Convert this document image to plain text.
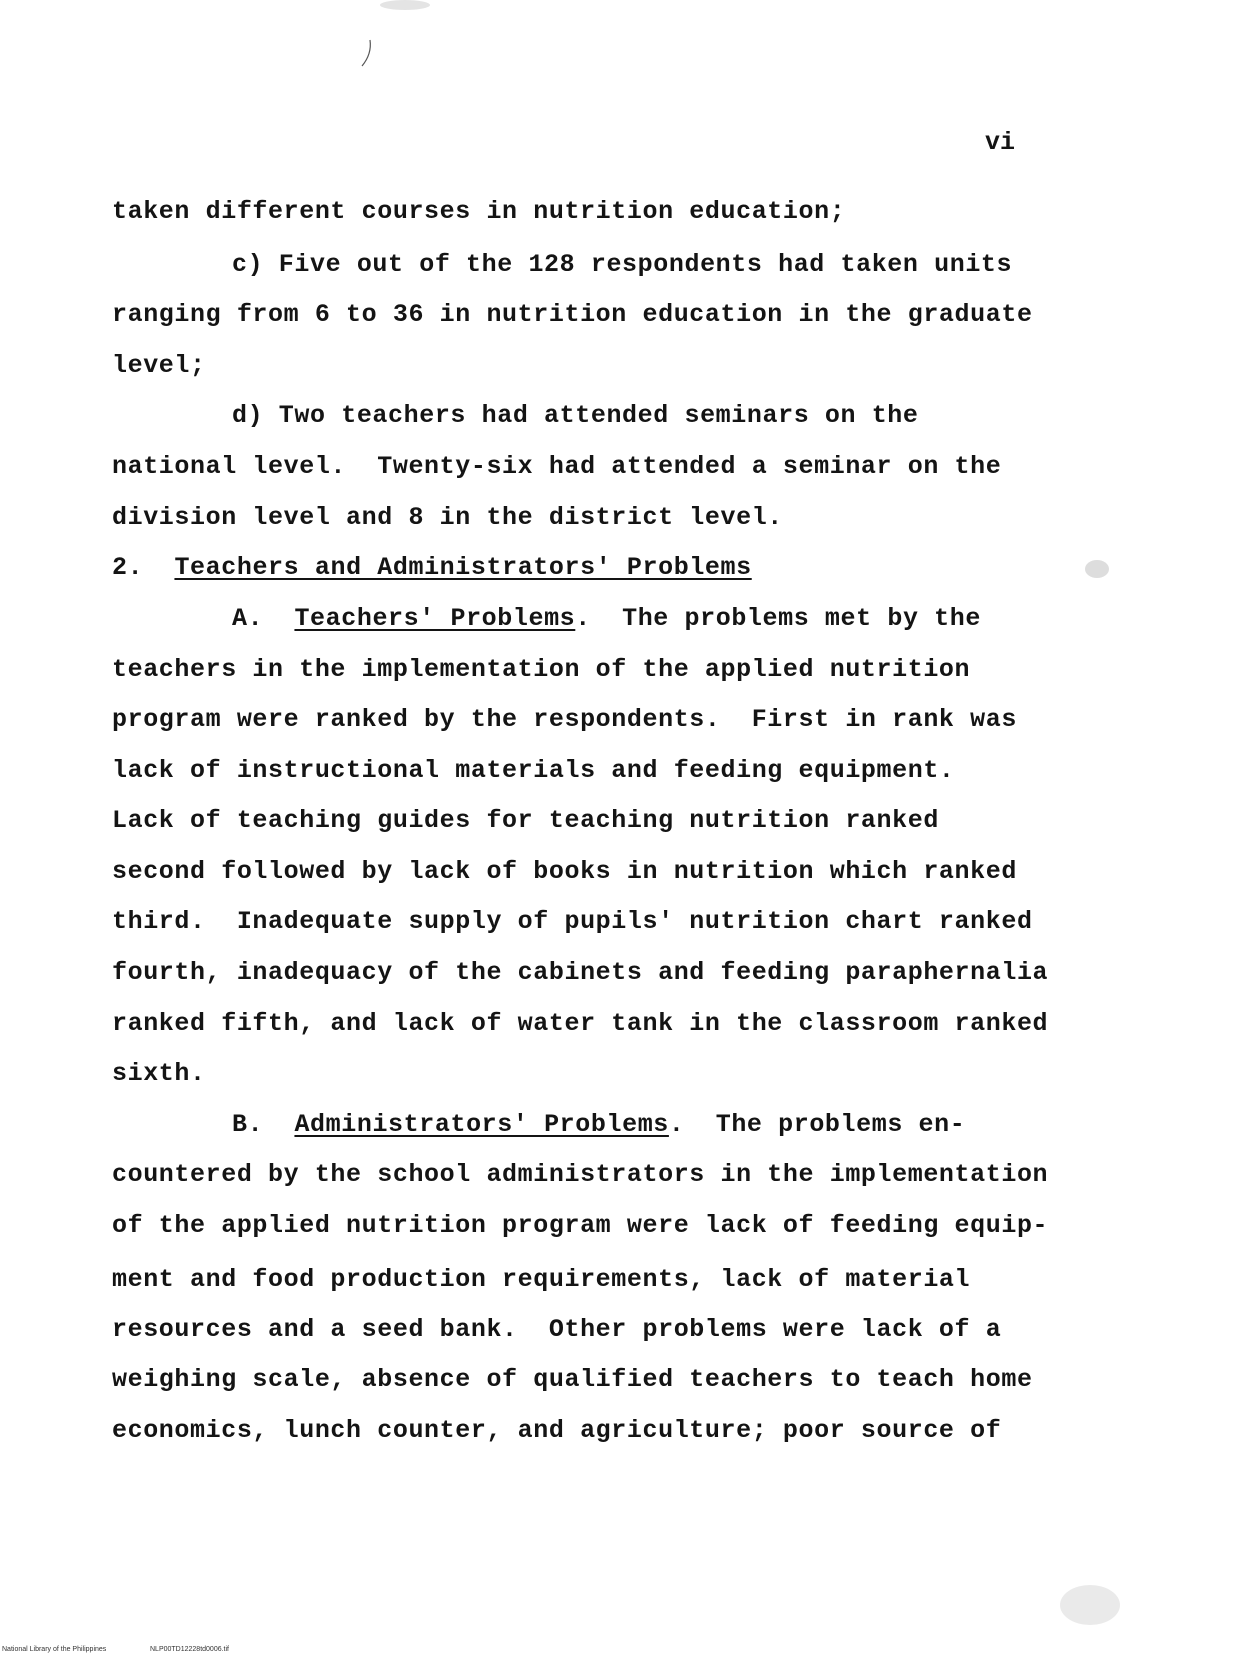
vi
taken different courses in nutrition education;
c) Five out of the 128 respondents had taken units
ranging from 6 to 36 in nutrition education in the graduate
level;
d) Two teachers had attended seminars on the
national level.  Twenty-six had attended a seminar on the
division level and 8 in the district level.
2. Teachers and Administrators' Problems
A. Teachers' Problems.  The problems met by the
teachers in the implementation of the applied nutrition
program were ranked by the respondents.  First in rank was
lack of instructional materials and feeding equipment.
Lack of teaching guides for teaching nutrition ranked
second followed by lack of books in nutrition which ranked
third.  Inadequate supply of pupils' nutrition chart ranked
fourth, inadequacy of the cabinets and feeding paraphernalia
ranked fifth, and lack of water tank in the classroom ranked
sixth.
B. Administrators' Problems.  The problems en-
countered by the school administrators in the implementation
of the applied nutrition program were lack of feeding equip-
ment and food production requirements, lack of material
resources and a seed bank.  Other problems were lack of a
weighing scale, absence of qualified teachers to teach home
economics, lunch counter, and agriculture; poor source of
National Library of the Philippines	NLP00TD12228td0006.tif
